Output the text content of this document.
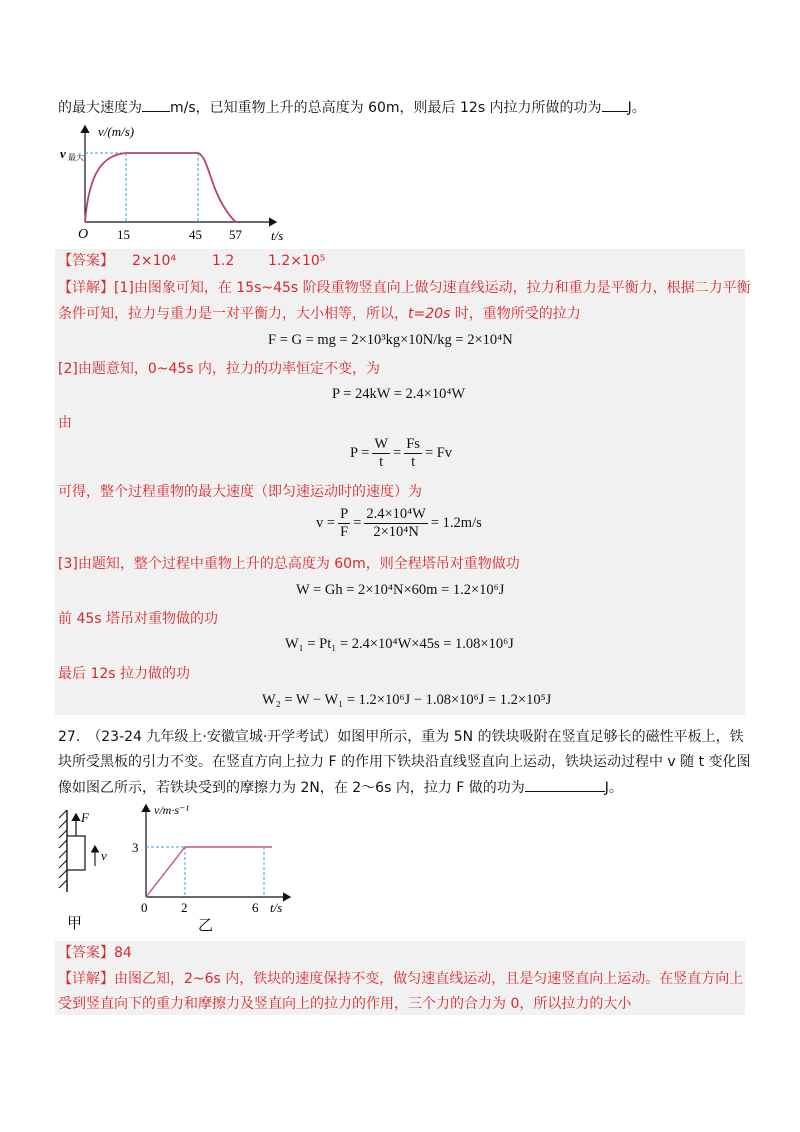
的最大速度为 m/s，已知重物上升的总高度为 60m，则最后 12s 内拉力所做的功为 J。
v/(m/s)
v 最大
O 15	45 57 t/s
【答案】 2×10⁴	1.2 1.2×10⁵
【详解】[1]由图象可知，在 15s~45s 阶段重物竖直向上做匀速直线运动，拉力和重力是平衡力，根据二力平衡
条件可知，拉力与重力是一对平衡力，大小相等，所以，t=20s 时，重物所受的拉力
F = G = mg = 2×10³kg×10N/kg = 2×10⁴N
[2]由题意知，0~45s 内，拉力的功率恒定不变，为
P = 24kW = 2.4×10⁴W
由
$P = \frac{W}{t} = \frac{Fs}{t} = Fv$
可得，整个过程重物的最大速度（即匀速运动时的速度）为
$v = \frac{P}{F} = \frac{\text{2.4×10⁴W}}{\text{2×10⁴N}} = 1.2m/s$
[3]由题知，整个过程中重物上升的总高度为 60m，则全程塔吊对重物做功
W = Gh = 2×10⁴N×60m = 1.2×10⁶J
前 45s 塔吊对重物做的功
W₁ = Pt₁ = 2.4×10⁴W×45s = 1.08×10⁶J
最后 12s 拉力做的功
W₂ = W − W₁ = 1.2×10⁶J − 1.08×10⁶J = 1.2×10⁵J
27.　（23-24 九年级上·安徽宣城·开学考试）如图甲所示，重为 5N 的铁块吸附在竖直足够长的磁性平板上，铁
块所受黑板的引力不变。在竖直方向上拉力 F 的作用下铁块沿直线竖直向上运动，铁块运动过程中 v 随 t 变化图
像如图乙所示，若铁块受到的摩擦力为 2N，在 2～6s 内，拉力 F 做的功为	J。
F
v
甲
v/m·s⁻¹
3
0	2	6 t/s
乙
【答案】84
【详解】由图乙知，2~6s 内，铁块的速度保持不变，做匀速直线运动，且是匀速竖直向上运动。在竖直方向上
受到竖直向下的重力和摩擦力及竖直向上的拉力的作用，三个力的合力为 0，所以拉力的大小
